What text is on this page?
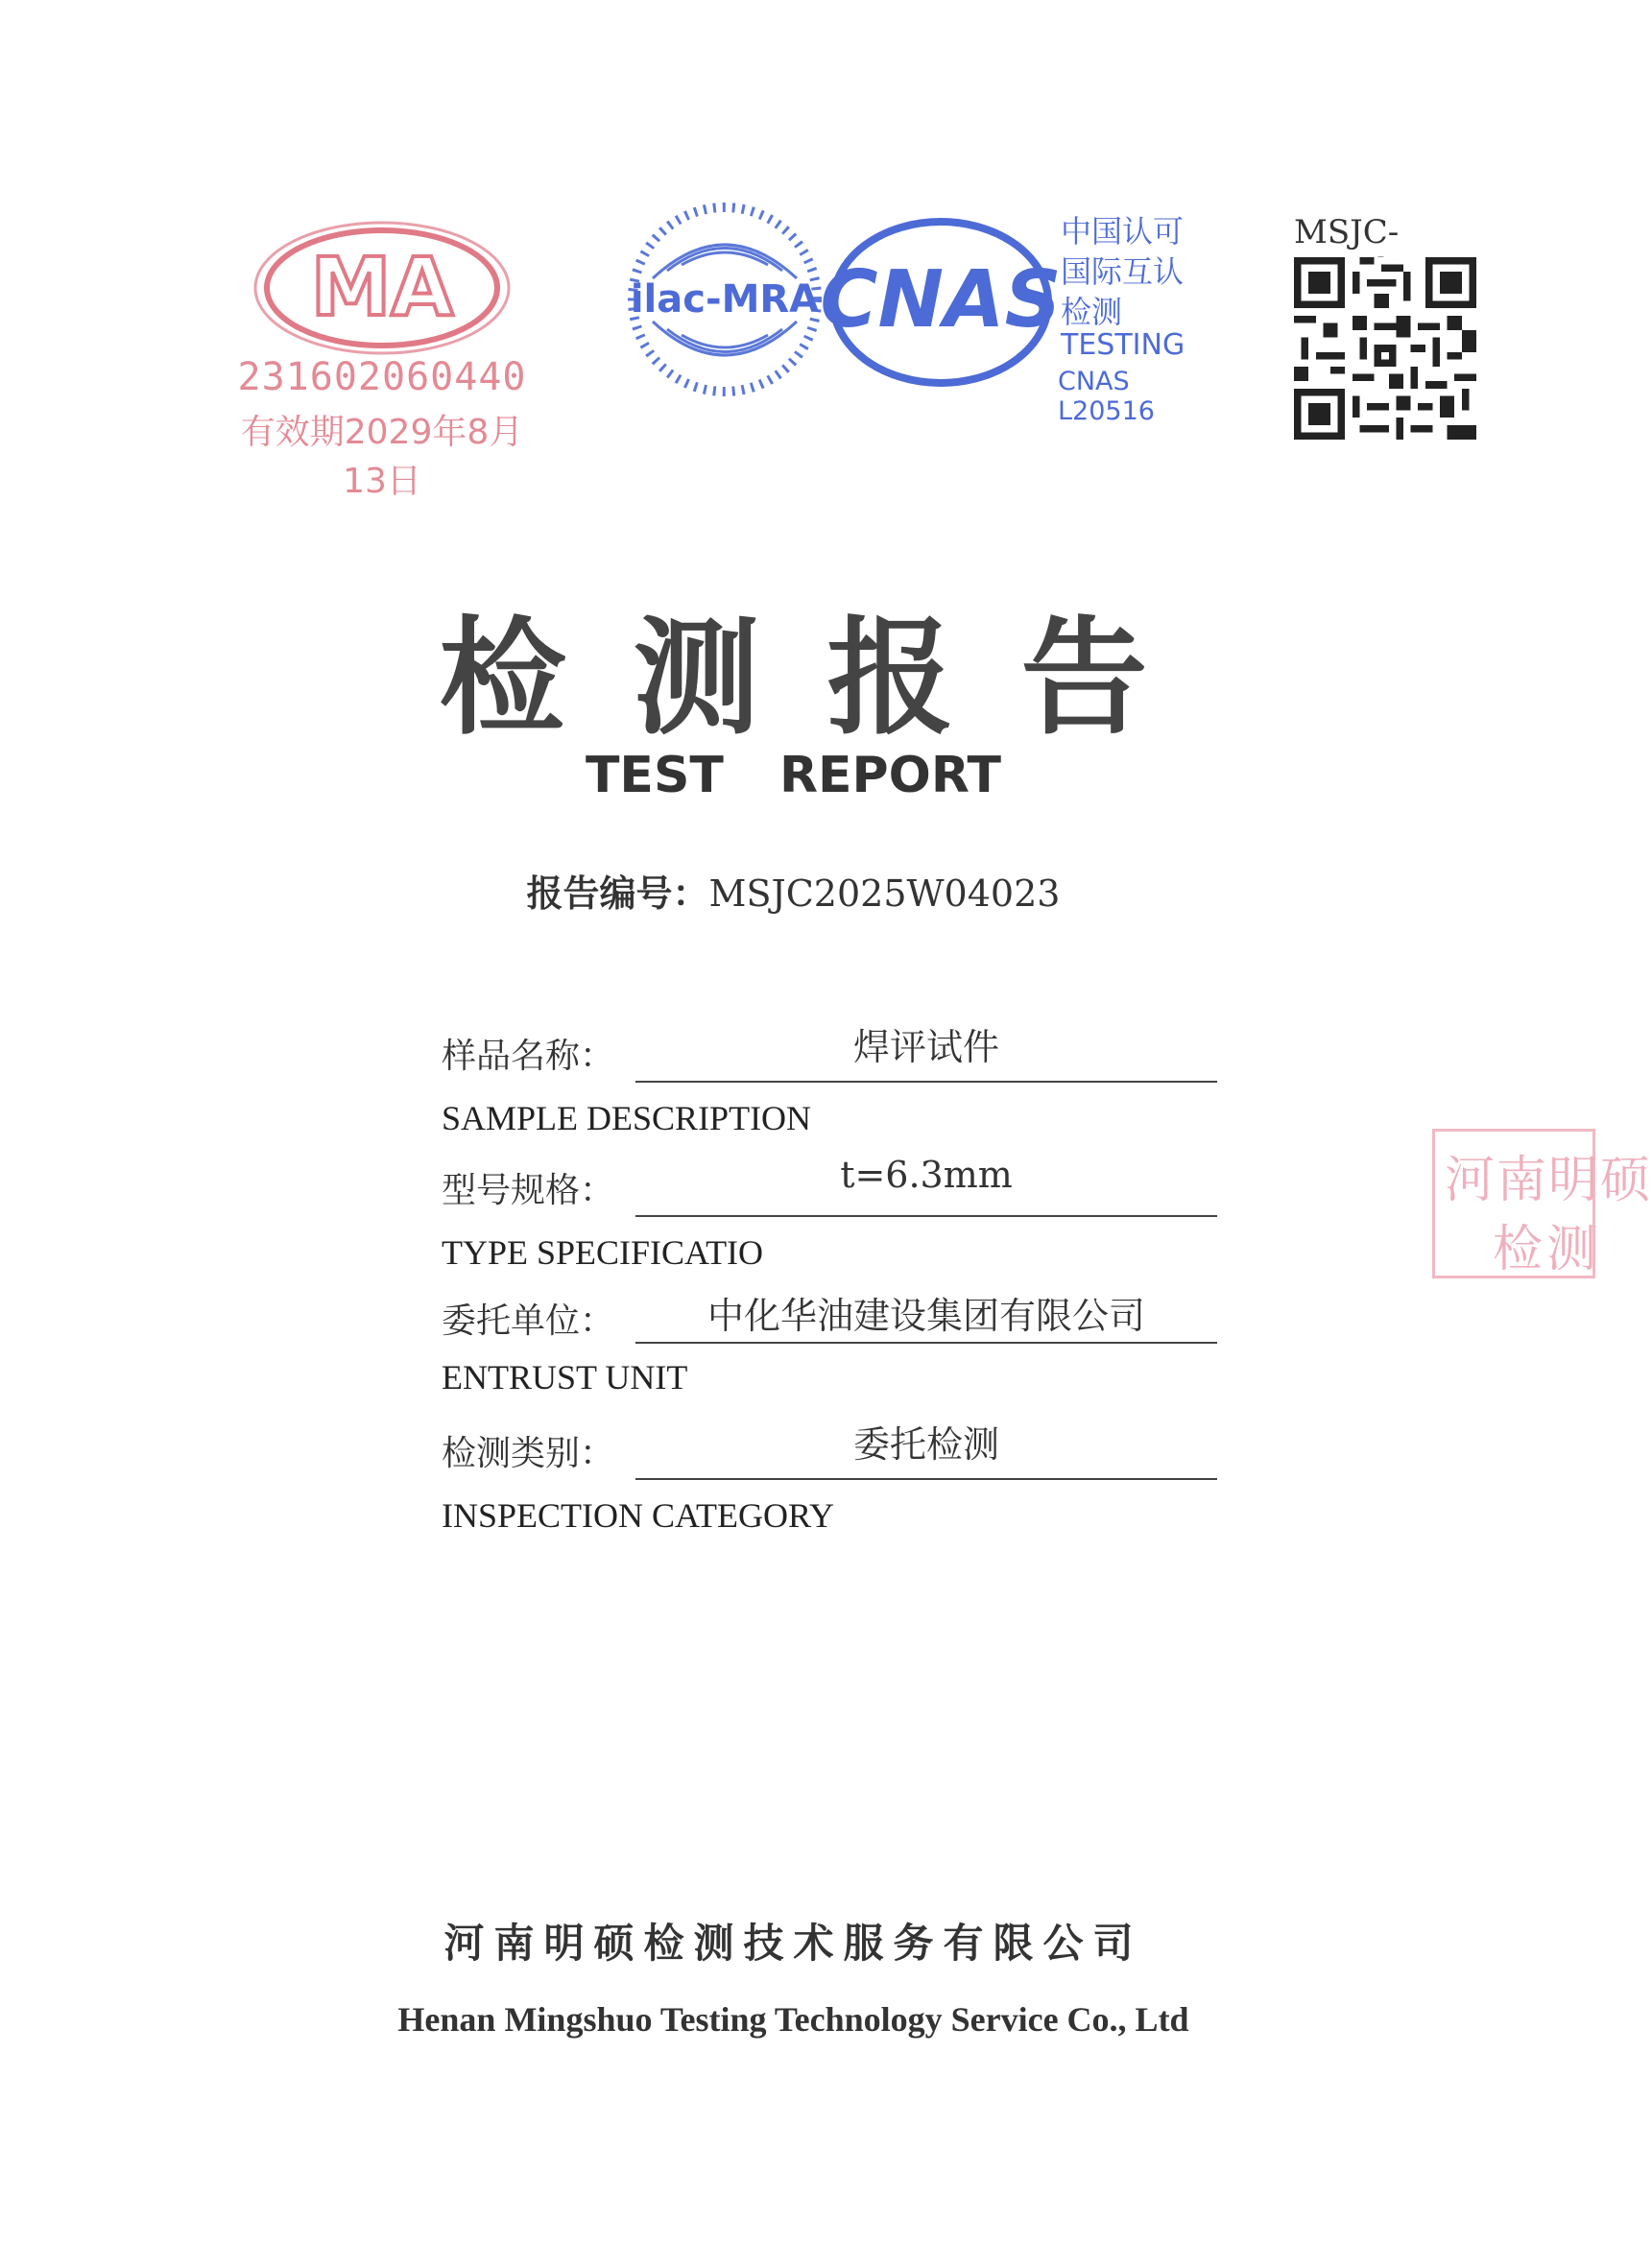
MA
231602060440
有效期2029年8月13日
ilac-MRA CNAS
中国认可
国际互认
检测
TESTING
CNAS L20516
MSJC-
检测报告
TEST REPORT
报告编号：MSJC2025W04023
样品名称：	焊评试件
SAMPLE DESCRIPTION
型号规格：	t=6.3mm
TYPE SPECIFICATIO
委托单位：	中化华油建设集团有限公司
ENTRUST UNIT
检测类别：	委托检测
INSPECTION CATEGORY
河南明硕
检测
河南明硕检测技术服务有限公司
Henan Mingshuo Testing Technology Service Co., Ltd
